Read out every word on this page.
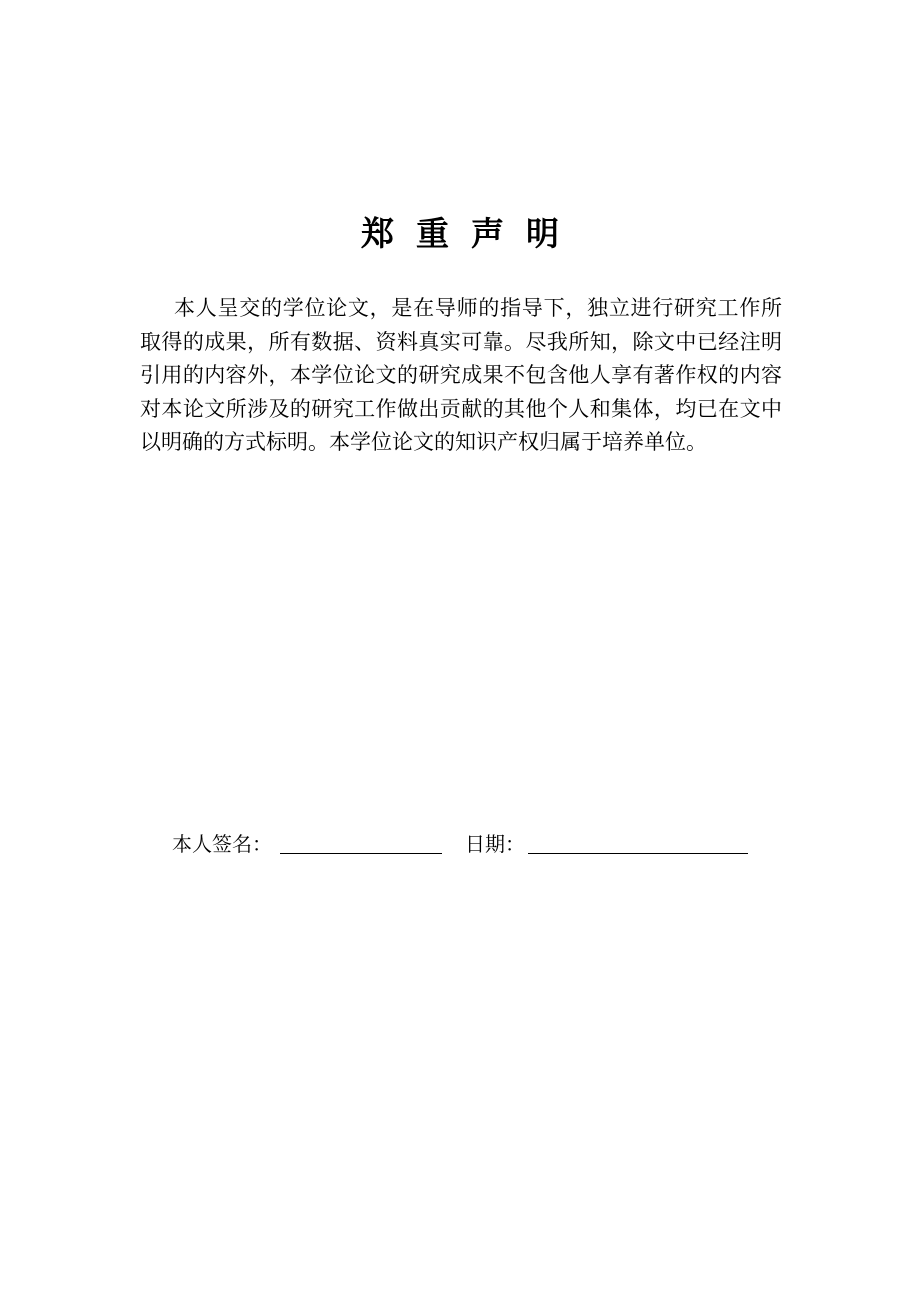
郑重声明
本人呈交的学位论文，是在导师的指导下，独立进行研究工作所
取得的成果，所有数据、资料真实可靠。尽我所知，除文中已经注明
引用的内容外，本学位论文的研究成果不包含他人享有著作权的内容
对本论文所涉及的研究工作做出贡献的其他个人和集体，均已在文中
以明确的方式标明。本学位论文的知识产权归属于培养单位。
本人签名：	日期：
